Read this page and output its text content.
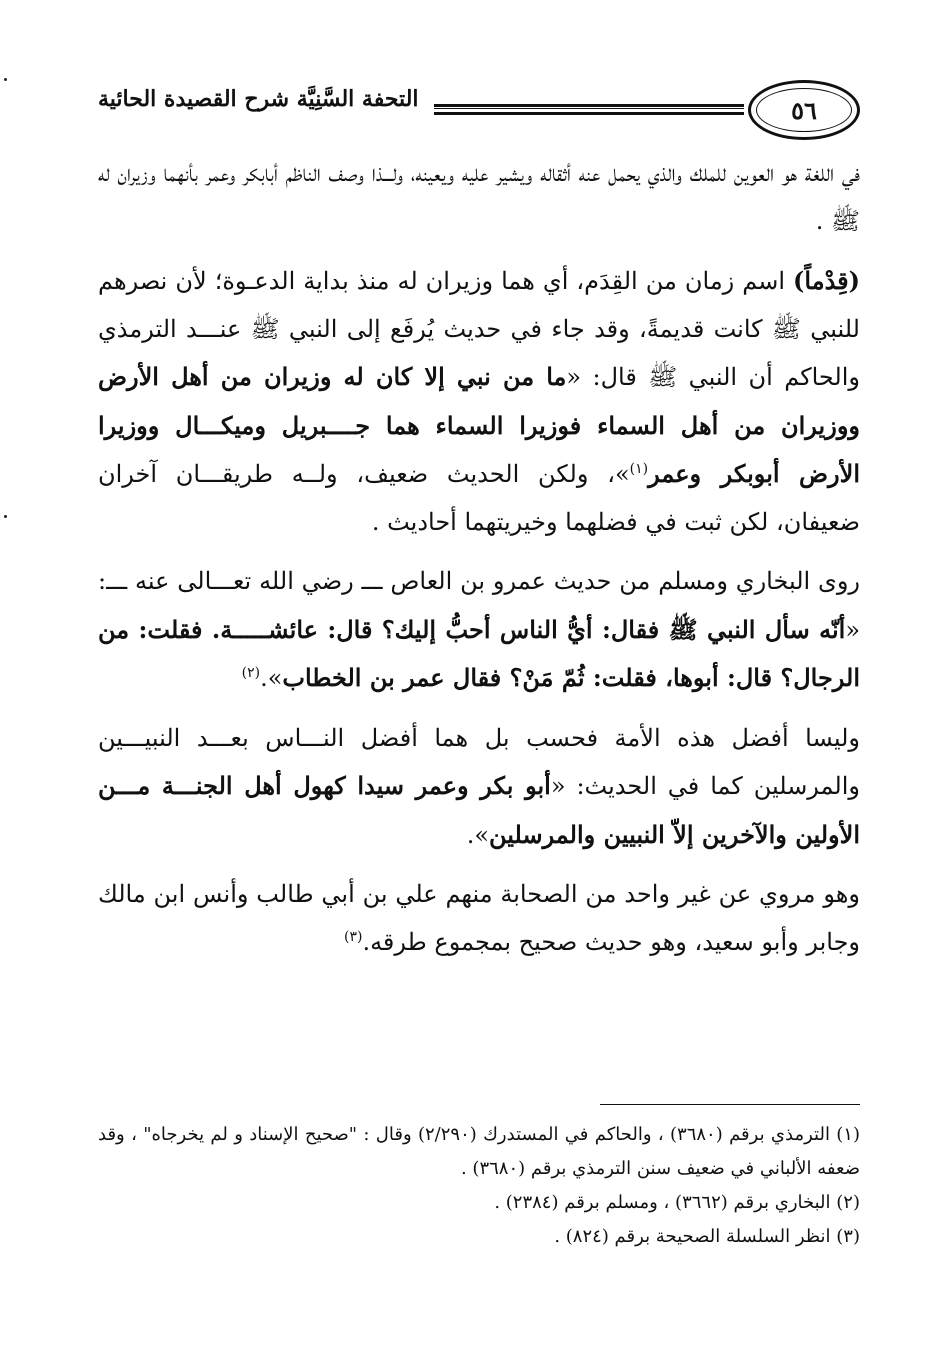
التحفة السَّنِيَّة شرح القصيدة الحائية	٥٦

في اللغة هو العوين للملك والذي يحمل عنه أثقاله ويشير عليه ويعينه، ولـــذا وصف الناظم أبابكر وعمر بأنهما وزيران له ﷺ .

(قِدْماً) اسم زمان من القِدَم، أي هما وزيران له منذ بداية الدعـوة؛ لأن نصرهم للنبي ﷺ كانت قديمةً، وقد جاء في حديث يُرفَع إلى النبي ﷺ عنـــد الترمذي والحاكم أن النبي ﷺ قال: «ما من نبي إلا كان له وزيران من أهل الأرض ووزيران من أهل السماء فوزيرا السماء هما جــــبريل وميكـــال ووزيرا الأرض أبوبكر وعمر$^{(١)}$»، ولكن الحديث ضعيف، ولــه طريقـــان آخران ضعيفان، لكن ثبت في فضلهما وخيريتهما أحاديث .

روى البخاري ومسلم من حديث عمرو بن العاص ـــ رضي الله تعـــالى عنه ـــ: «أنّه سأل النبي ﷺ فقال: أيُّ الناس أحبُّ إليك؟ قال: عائشـــــة. فقلت: من الرجال؟ قال: أبوها، فقلت: ثُمّ مَنْ؟ فقال عمر بن الخطاب».$^{(٢)}$

وليسا أفضل هذه الأمة فحسب بل هما أفضل النـــاس بعـــد النبيـــين والمرسلين كما في الحديث: «أبو بكر وعمر سيدا كهول أهل الجنـــة مـــن الأولين والآخرين إلاّ النبيين والمرسلين».

وهو مروي عن غير واحد من الصحابة منهم علي بن أبي طالب وأنس ابن مالك وجابر وأبو سعيد، وهو حديث صحيح بمجموع طرقه.$^{(٣)}$

(١) الترمذي برقم (٣٦٨٠) ، والحاكم في المستدرك (٢/٢٩٠) وقال : "صحيح الإسناد و لم يخرجاه" ، وقد ضعفه الألباني في ضعيف سنن الترمذي برقم (٣٦٨٠) .

(٢) البخاري برقم (٣٦٦٢) ، ومسلم برقم (٢٣٨٤) .

(٣) انظر السلسلة الصحيحة برقم (٨٢٤) .
